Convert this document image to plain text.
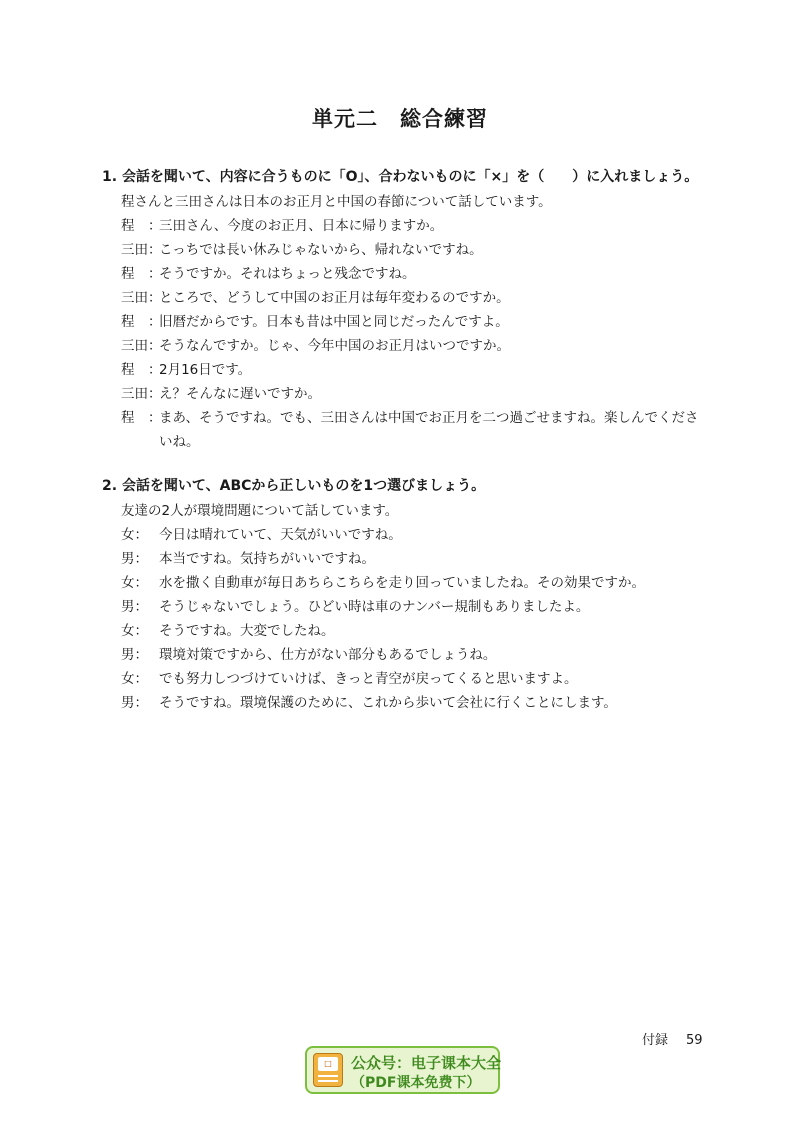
単元二　総合練習
1. 会話を聞いて、内容に合うものに「O」、合わないものに「×」を（　　）に入れましょう。
程さんと三田さんは日本のお正月と中国の春節について話しています。
程　：三田さん、今度のお正月、日本に帰りますか。
三田：こっちでは長い休みじゃないから、帰れないですね。
程　：そうですか。それはちょっと残念ですね。
三田：ところで、どうして中国のお正月は毎年変わるのですか。
程　：旧暦だからです。日本も昔は中国と同じだったんですよ。
三田：そうなんですか。じゃ、今年中国のお正月はいつですか。
程　：2月16日です。
三田：え？そんなに遅いですか。
程　：まあ、そうですね。でも、三田さんは中国でお正月を二つ過ごせますね。楽しんでくださ
いね。
2. 会話を聞いて、ABCから正しいものを1つ選びましょう。
友達の2人が環境問題について話しています。
女： 今日は晴れていて、天気がいいですね。
男： 本当ですね。気持ちがいいですね。
女： 水を撒く自動車が毎日あちらこちらを走り回っていましたね。その効果ですか。
男： そうじゃないでしょう。ひどい時は車のナンバー規制もありましたよ。
女： そうですね。大変でしたね。
男： 環境対策ですから、仕方がない部分もあるでしょうね。
女： でも努力しつづけていけば、きっと青空が戻ってくると思いますよ。
男： そうですね。環境保護のために、これから歩いて会社に行くことにします。
付録 59
□	公众号：电子课本大全
（PDF课本免费下）
